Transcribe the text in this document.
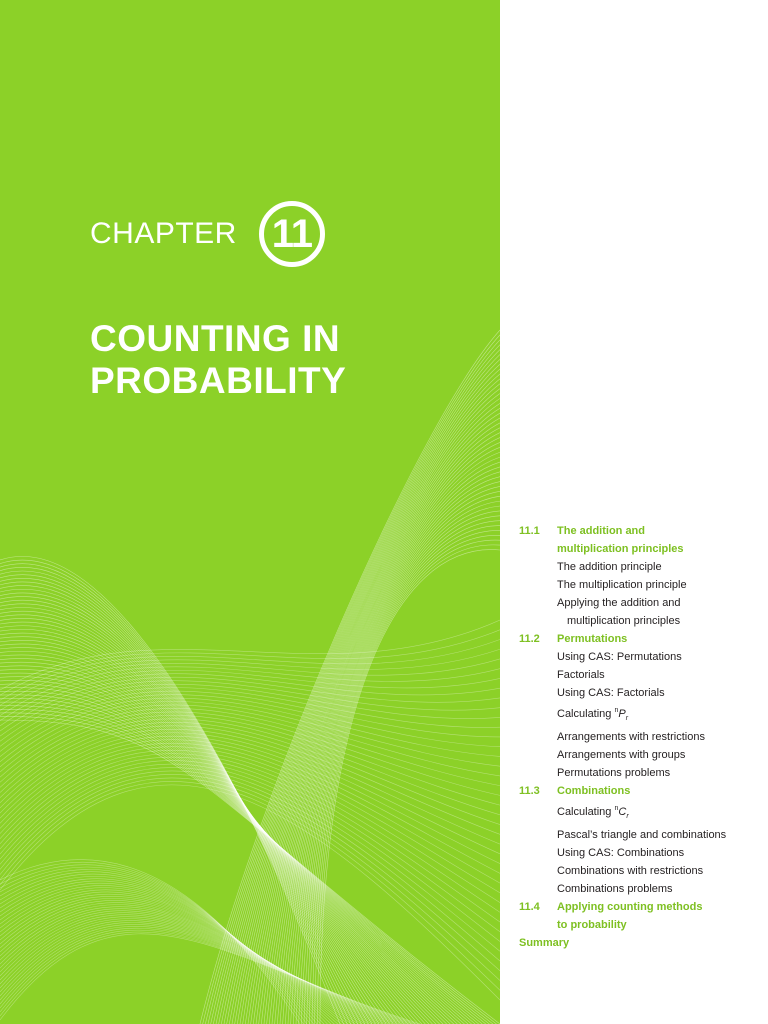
CHAPTER 11
COUNTING IN
PROBABILITY
11.1	The addition and
multiplication principles
The addition principle
The multiplication principle
Applying the addition and
multiplication principles
11.2	Permutations
Using CAS: Permutations
Factorials
Using CAS: Factorials
Calculating $^nP_r$
Arrangements with restrictions
Arrangements with groups
Permutations problems
11.3	Combinations
Calculating $^nC_r$
Pascal’s triangle and combinations
Using CAS: Combinations
Combinations with restrictions
Combinations problems
11.4	Applying counting methods
to probability
Summary
